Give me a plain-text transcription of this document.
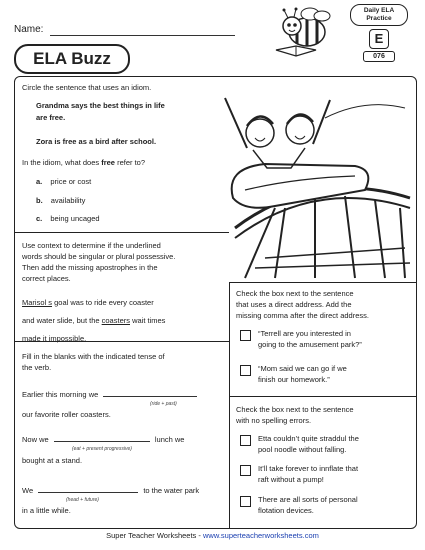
Name:
ELA Buzz
Daily ELA
Practice
E
076
Circle the sentence that uses an idiom.
Grandma says the best things in life
are free.
Zora is free as a bird after school.
In the idiom, what does free refer to?
a. price or cost
b. availability
c. being uncaged
Use context to determine if the underlined
words should be singular or plural possessive.
Then add the missing apostrophes in the
correct places.
Marisol s goal was to ride every coaster
and water slide, but the coasters wait times
made it impossible.
Check the box next to the sentence
that uses a direct address. Add the
missing comma after the direct address.
“Terrell are you interested in
going to the amusement park?”
“Mom said we can go if we
finish our homework.”
Fill in the blanks with the indicated tense of
the verb.
Earlier this morning we
(ride + past)
our favorite roller coasters.
Now we	lunch we
(eat + present progressive)
bought at a stand.
We	to the water park
(head + future)
in a little while.
Check the box next to the sentence
with no spelling errors.
Etta couldn’t quite straddul the
pool noodle without falling.
It’ll take forever to innflate that
raft without a pump!
There are all sorts of personal
flotation devices.
Super Teacher Worksheets - www.superteacherworksheets.com
